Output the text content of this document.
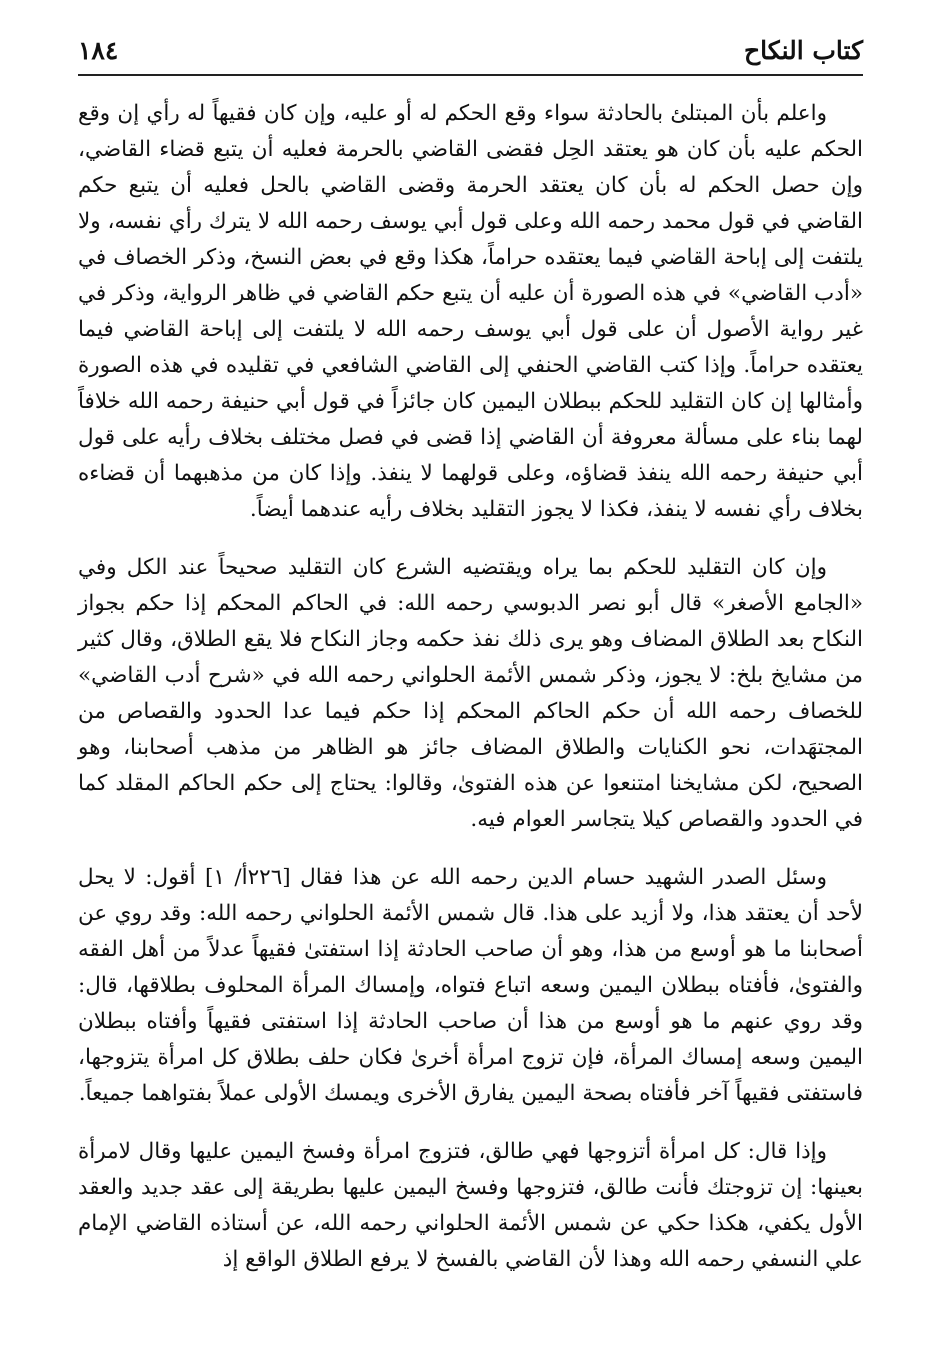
كتاب النكاح
١٨٤

واعلم بأن المبتلئ بالحادثة سواء وقع الحكم له أو عليه، وإن كان فقيهاً له رأي إن وقع الحكم عليه بأن كان هو يعتقد الحِل فقضى القاضي بالحرمة فعليه أن يتبع قضاء القاضي، وإن حصل الحكم له بأن كان يعتقد الحرمة وقضى القاضي بالحل فعليه أن يتبع حكم القاضي في قول محمد رحمه الله وعلى قول أبي يوسف رحمه الله لا يترك رأي نفسه، ولا يلتفت إلى إباحة القاضي فيما يعتقده حراماً، هكذا وقع في بعض النسخ، وذكر الخصاف في «أدب القاضي» في هذه الصورة أن عليه أن يتبع حكم القاضي في ظاهر الرواية، وذكر في غير رواية الأصول أن على قول أبي يوسف رحمه الله لا يلتفت إلى إباحة القاضي فيما يعتقده حراماً. وإذا كتب القاضي الحنفي إلى القاضي الشافعي في تقليده في هذه الصورة وأمثالها إن كان التقليد للحكم ببطلان اليمين كان جائزاً في قول أبي حنيفة رحمه الله خلافاً لهما بناء على مسألة معروفة أن القاضي إذا قضى في فصل مختلف بخلاف رأيه على قول أبي حنيفة رحمه الله ينفذ قضاؤه، وعلى قولهما لا ينفذ. وإذا كان من مذهبهما أن قضاءه بخلاف رأي نفسه لا ينفذ، فكذا لا يجوز التقليد بخلاف رأيه عندهما أيضاً.

وإن كان التقليد للحكم بما يراه ويقتضيه الشرع كان التقليد صحيحاً عند الكل وفي «الجامع الأصغر» قال أبو نصر الدبوسي رحمه الله: في الحاكم المحكم إذا حكم بجواز النكاح بعد الطلاق المضاف وهو يرى ذلك نفذ حكمه وجاز النكاح فلا يقع الطلاق، وقال كثير من مشايخ بلخ: لا يجوز، وذكر شمس الأئمة الحلواني رحمه الله في «شرح أدب القاضي» للخصاف رحمه الله أن حكم الحاكم المحكم إذا حكم فيما عدا الحدود والقصاص من المجتهَدات، نحو الكنايات والطلاق المضاف جائز هو الظاهر من مذهب أصحابنا، وهو الصحيح، لكن مشايخنا امتنعوا عن هذه الفتوىٰ، وقالوا: يحتاج إلى حكم الحاكم المقلد كما في الحدود والقصاص كيلا يتجاسر العوام فيه.

وسئل الصدر الشهيد حسام الدين رحمه الله عن هذا فقال [٢٢٦أ/ ١] أقول: لا يحل لأحد أن يعتقد هذا، ولا أزيد على هذا. قال شمس الأئمة الحلواني رحمه الله: وقد روي عن أصحابنا ما هو أوسع من هذا، وهو أن صاحب الحادثة إذا استفتىٰ فقيهاً عدلاً من أهل الفقه والفتوىٰ، فأفتاه ببطلان اليمين وسعه اتباع فتواه، وإمساك المرأة المحلوف بطلاقها، قال: وقد روي عنهم ما هو أوسع من هذا أن صاحب الحادثة إذا استفتى فقيهاً وأفتاه ببطلان اليمين وسعه إمساك المرأة، فإن تزوج امرأة أخرىٰ فكان حلف بطلاق كل امرأة يتزوجها، فاستفتى فقيهاً آخر فأفتاه بصحة اليمين يفارق الأخرى ويمسك الأولى عملاً بفتواهما جميعاً.

وإذا قال: كل امرأة أتزوجها فهي طالق، فتزوج امرأة وفسخ اليمين عليها وقال لامرأة بعينها: إن تزوجتك فأنت طالق، فتزوجها وفسخ اليمين عليها بطريقة إلى عقد جديد والعقد الأول يكفي، هكذا حكي عن شمس الأئمة الحلواني رحمه الله، عن أستاذه القاضي الإمام علي النسفي رحمه الله وهذا لأن القاضي بالفسخ لا يرفع الطلاق الواقع إذ
